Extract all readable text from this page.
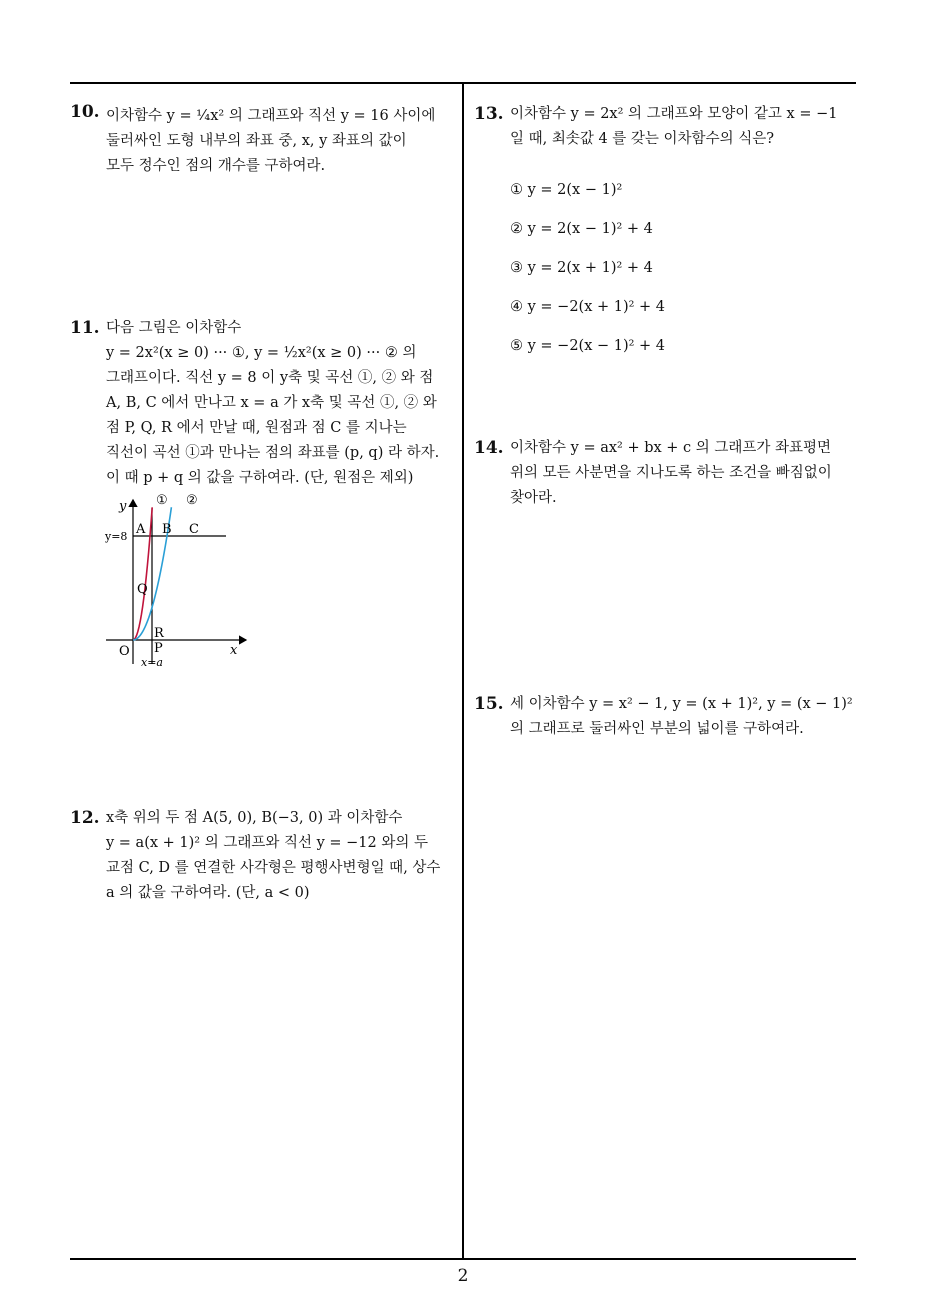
10. 이차함수 y = ¹⁄₄x² 의 그래프와 직선 y = 16 사이에
둘러싸인 도형 내부의 좌표 중, x, y 좌표의 값이
모두 정수인 점의 개수를 구하여라.
11. 다음 그림은 이차함수
y = 2x²(x ≥ 0) ··· ①, y = ½x²(x ≥ 0) ··· ② 의
그래프이다. 직선 y = 8 이 y축 및 곡선 ①, ② 와 점
A, B, C 에서 만나고 x = a 가 x축 및 곡선 ①, ② 와
점 P, Q, R 에서 만날 때, 원점과 점 C 를 지나는
직선이 곡선 ①과 만나는 점의 좌표를 (p, q) 라 하자.
이 때 p + q 의 값을 구하여라. (단, 원점은 제외)
y
x
O
① ②
y=8
x=a
A B C
Q
R
P
12. x축 위의 두 점 A(5, 0), B(−3, 0) 과 이차함수
y = a(x + 1)² 의 그래프와 직선 y = −12 와의 두
교점 C, D 를 연결한 사각형은 평행사변형일 때, 상수
a 의 값을 구하여라. (단, a < 0)
13. 이차함수 y = 2x² 의 그래프와 모양이 같고 x = −1
일 때, 최솟값 4 를 갖는 이차함수의 식은?
① y = 2(x − 1)²
② y = 2(x − 1)² + 4
③ y = 2(x + 1)² + 4
④ y = −2(x + 1)² + 4
⑤ y = −2(x − 1)² + 4
14. 이차함수 y = ax² + bx + c 의 그래프가 좌표평면
위의 모든 사분면을 지나도록 하는 조건을 빠짐없이
찾아라.
15. 세 이차함수 y = x² − 1, y = (x + 1)², y = (x − 1)²
의 그래프로 둘러싸인 부분의 넓이를 구하여라.
2
